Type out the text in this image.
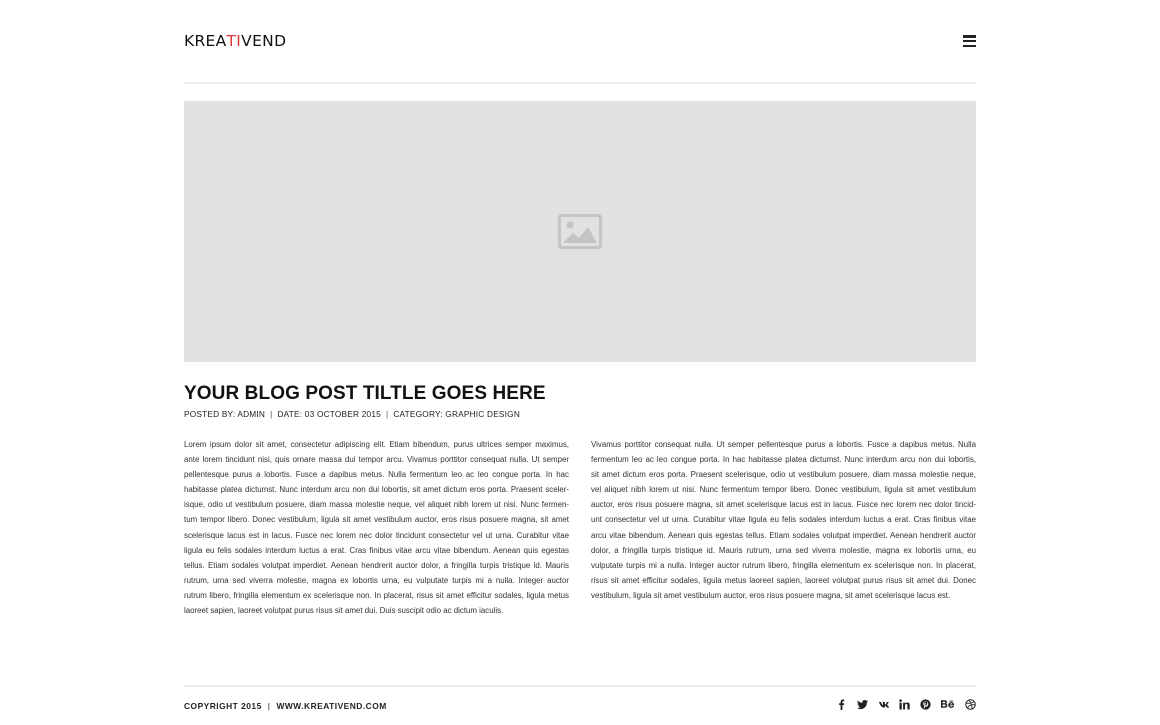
KREA TI VEND
YOUR BLOG POST TILTLE GOES HERE
POSTED BY: ADMIN | DATE: 03 OCTOBER 2015 | CATEGORY: GRAPHIC DESIGN
Lorem ipsum dolor sit amet, consectetur adipiscing elit. Etiam bibendum, purus ultrices semper maximus,
ante lorem tincidunt nisi, quis ornare massa dui tempor arcu. Vivamus porttitor consequat nulla. Ut semper
pellentesque purus a lobortis. Fusce a dapibus metus. Nulla fermentum leo ac leo congue porta. In hac
habitasse platea dictumst. Nunc interdum arcu non dui lobortis, sit amet dictum eros porta. Praesent sceler-
isque, odio ut vestibulum posuere, diam massa molestie neque, vel aliquet nibh lorem ut nisi. Nunc fermen-
tum tempor libero. Donec vestibulum, ligula sit amet vestibulum auctor, eros risus posuere magna, sit amet
scelerisque lacus est in lacus. Fusce nec lorem nec dolor tincidunt consectetur vel ut urna. Curabitur vitae
ligula eu felis sodales interdum luctus a erat. Cras finibus vitae arcu vitae bibendum. Aenean quis egestas
tellus. Etiam sodales volutpat imperdiet. Aenean hendrerit auctor dolor, a fringilla turpis tristique id. Mauris
rutrum, urna sed viverra molestie, magna ex lobortis urna, eu vulputate turpis mi a nulla. Integer auctor
rutrum libero, fringilla elementum ex scelerisque non. In placerat, risus sit amet efficitur sodales, ligula metus
laoreet sapien, laoreet volutpat purus risus sit amet dui. Duis suscipit odio ac dictum iaculis.
Vivamus porttitor consequat nulla. Ut semper pellentesque purus a lobortis. Fusce a dapibus metus. Nulla
fermentum leo ac leo congue porta. In hac habitasse platea dictumst. Nunc interdum arcu non dui lobortis,
sit amet dictum eros porta. Praesent scelerisque, odio ut vestibulum posuere, diam massa molestie neque,
vel aliquet nibh lorem ut nisi. Nunc fermentum tempor libero. Donec vestibulum, ligula sit amet vestibulum
auctor, eros risus posuere magna, sit amet scelerisque lacus est in lacus. Fusce nec lorem nec dolor tincid-
unt consectetur vel ut urna. Curabitur vitae ligula eu felis sodales interdum luctus a erat. Cras finibus vitae
arcu vitae bibendum. Aenean quis egestas tellus. Etiam sodales volutpat imperdiet. Aenean hendrerit auctor
dolor, a fringilla turpis tristique id. Mauris rutrum, urna sed viverra molestie, magna ex lobortis urna, eu
vulputate turpis mi a nulla. Integer auctor rutrum libero, fringilla elementum ex scelerisque non. In placerat,
risus sit amet efficitur sodales, ligula metus laoreet sapien, laoreet volutpat purus risus sit amet dui. Donec
vestibulum, ligula sit amet vestibulum auctor, eros risus posuere magna, sit amet scelerisque lacus est.
COPYRIGHT 2015 | WWW.KREATIVEND.COM
